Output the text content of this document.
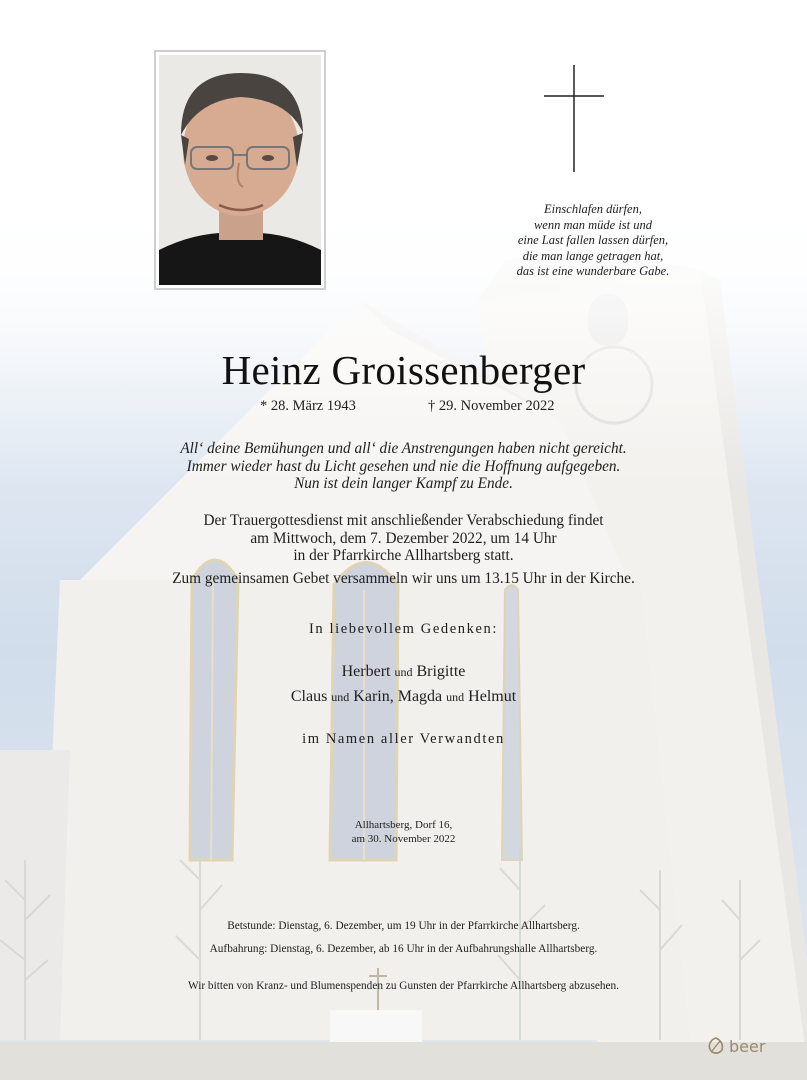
Einschlafen dürfen,
wenn man müde ist und
eine Last fallen lassen dürfen,
die man lange getragen hat,
das ist eine wunderbare Gabe.
Heinz Groissenberger
* 28. März 1943	† 29. November 2022
All‘ deine Bemühungen und all‘ die Anstrengungen haben nicht gereicht.
Immer wieder hast du Licht gesehen und nie die Hoffnung aufgegeben.
Nun ist dein langer Kampf zu Ende.
Der Trauergottesdienst mit anschließender Verabschiedung findet
am Mittwoch, dem 7. Dezember 2022, um 14 Uhr
in der Pfarrkirche Allhartsberg statt.
Zum gemeinsamen Gebet versammeln wir uns um 13.15 Uhr in der Kirche.
In liebevollem Gedenken:
Herbert und Brigitte
Claus und Karin, Magda und Helmut
im Namen aller Verwandten
Allhartsberg, Dorf 16,
am 30. November 2022
Betstunde: Dienstag, 6. Dezember, um 19 Uhr in der Pfarrkirche Allhartsberg.
Aufbahrung: Dienstag, 6. Dezember, ab 16 Uhr in der Aufbahrungshalle Allhartsberg.
Wir bitten von Kranz- und Blumenspenden zu Gunsten der Pfarrkirche Allhartsberg abzusehen.
beer
